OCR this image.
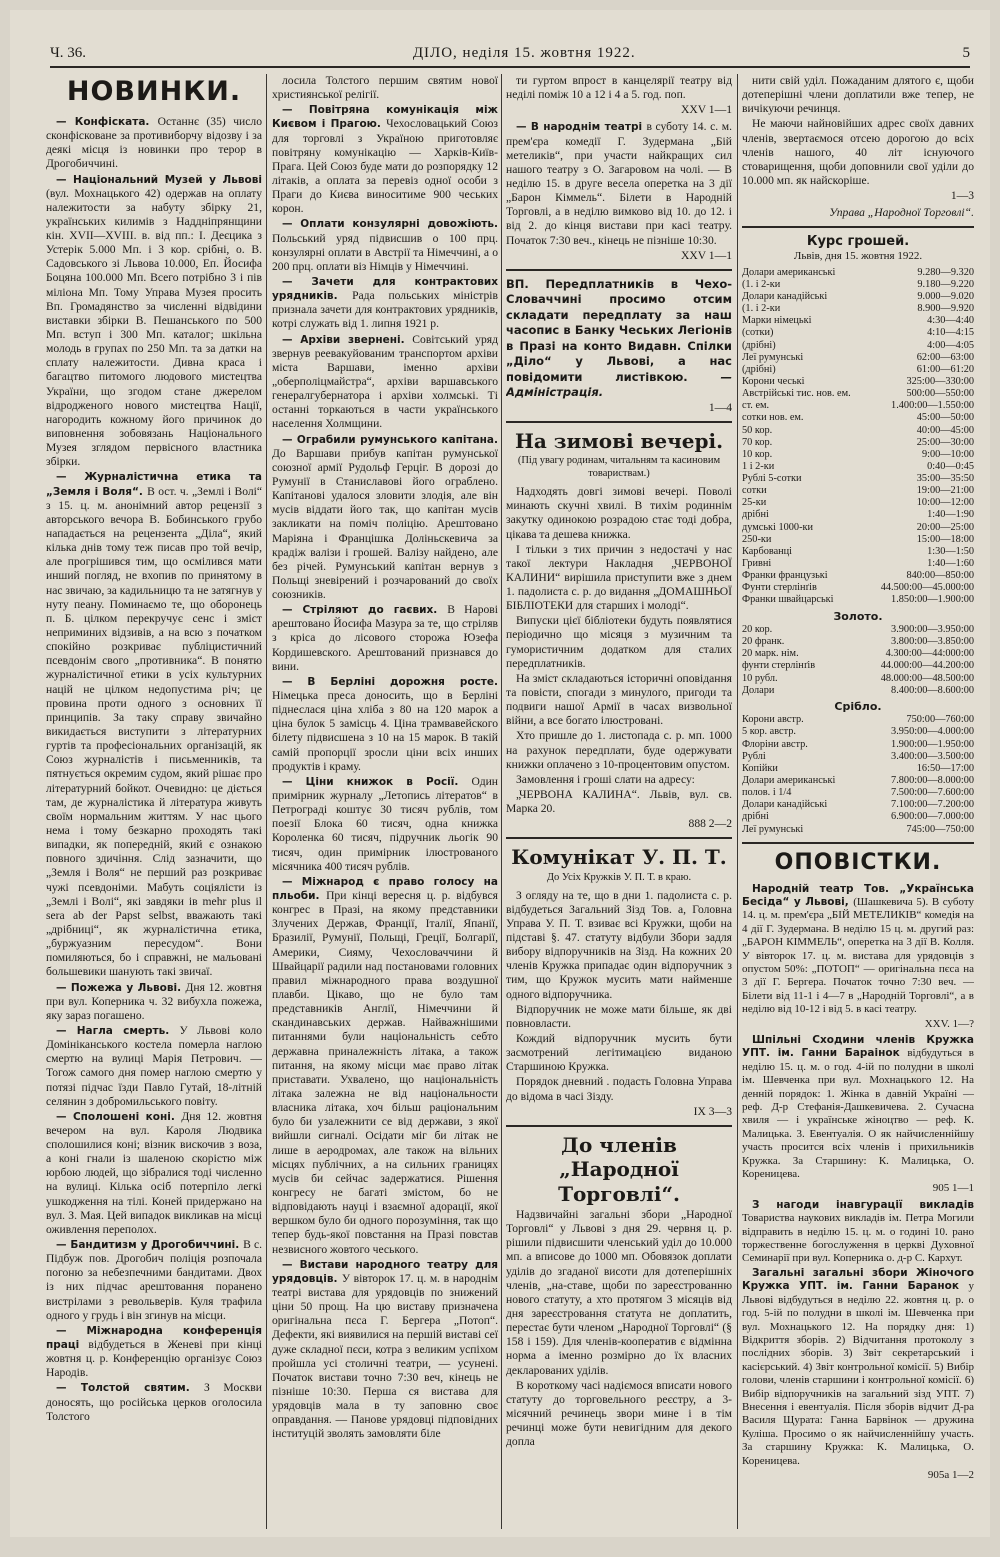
Ч. 36.	ДІЛО, неділя 15. жовтня 1922.	5
НОВИНКИ.

— Конфіската. Останнє (35) число сконфісковане за противиборчу відозву і за деякі місця із новинки про терор в Дрогобиччині.

— Національний Музей у Львові (вул. Мохнацького 42) одержав на оплату належитости за набуту збірку 21, українських килимів з Наддніпрянщини кін. XVII—XVIII. в. від пп.: І. Деєцика з Устерік 5.000 Мп. і 3 кор. срібні, о. В. Садовського зі Львова 10.000, Еп. Йосифа Боцяна 100.000 Мп. Всего потрібно 3 і пів міліона Мп. Тому Управа Музея просить Вп. Громадянство за численні відвідини виставки збірки В. Пешанського по 500 Мп. вступ і 300 Мп. каталог; шкільна молодь в групах по 250 Мп. та за датки на сплату належитости. Дивна краса і багацтво питомого людового мистецтва України, що згодом стане джерелом відродженого нового мистецтва Нації, нагородить кожному його причинок до виповнення зобовязань Національного Музея зглядом первісного властника збірки.

— Журналістична етика та „Земля і Воля“. В ост. ч. „Землі і Волі“ з 15. ц. м. анонімний автор рецензії з авторського вечора В. Бобинського грубо нападається на рецензента „Діла“, який кілька днів тому теж писав про той вечір, але прогрішився тим, що осмілився мати инший погляд, не вхопив по принятому в нас звичаю, за кадильницю та не затягнув у нуту пеану. Поминаємо те, що оборонець п. Б. цілком перекручує сенс і зміст неприминих відзивів, а на всю з початком спокійно розкриває публіцистичний псевдонім свого „противника“. В понятю журналістичної етики в усіх культурних націй не цілком недопустима річ; це провина проти одного з основних її принципів. За таку справу звичайно викидається виступити з літературних гуртів та професіональних організацій, як Союз журналістів і письменників, та пятнується окремим судом, який рішає про літературний бойкот. Очевидно: це діється там, де журналістика й література живуть своїм нормальним життям. У нас цього нема і тому безкарно проходять такі випадки, як попередній, який є ознакою повного здичіння. Слід зазначити, що „Земля і Воля“ не перший раз розкриває чужі псевдоніми. Мабуть соціялісти із „Землі і Волі“, які завдяки ів mehr plus il sera ab der Papst selbst, вважають такі „дрібниці“, як журналістична етика, „буржуазним пересудом“. Вони помиляються, бо і справжні, не мальовані большевики шанують такі звичаї.

— Пожежа у Львові. Дня 12. жовтня при вул. Коперника ч. 32 вибухла пожежа, яку зараз погашено.

— Нагла смерть. У Львові коло Домініканського костела померла наглою смертю на вулиці Марія Петрович. — Тогож самого дня помер наглою смертю у потязі підчас їзди Павло Гутай, 18-літній селянин з добромильського повіту.

— Сполошені коні. Дня 12. жовтня вечером на вул. Кароля Людвика сполошилися коні; візник вискочив з воза, а коні гнали із шаленою скорістю між юрбою людей, що зібралися тоді численно на вулиці. Кілька осіб потерпіло легкі ушкодження на тілі. Коней придержано на вул. З. Мая. Цей випадок викликав на місці оживлення переполох.

— Бандитизм у Дрогобиччині. В с. Підбуж пов. Дрогобич поліція розпочала погоню за небезпечними бандитами. Двох із них підчас арештовання поранено вистрілами з револьверів. Куля трафила одного у грудь і він згинув на місци.

— Міжнародна конференція праці відбудеться в Женеві при кінці жовтня ц. р. Конференцію організує Союз Народів.

— Толстой святим. З Москви доносять, що російська церков оголосила Толстого

лосила Толстого першим святим нової християнської релігії.

— Повітряна комунікація між Києвом і Прагою. Чехословацький Союз для торговлі з Україною приготовляє повітряну комунікацію — Харків-Київ-Прага. Цей Союз буде мати до розпорядку 12 літаків, а оплата за перевіз одної особи з Праги до Києва виноситиме 900 чеських корон.

— Оплати конзулярні довожіють. Польський уряд підвисшив о 100 прц. конзулярні оплати в Австрії та Німеччині, а о 200 прц. оплати віз Німців у Німеччині.

— Зачети для контрактових урядників. Рада польських міністрів признала зачети для контрактових урядників, котрі служать від 1. липня 1921 р.

— Архіви звернені. Совітський уряд звернув реевакуйованим транспортом архіви міста Варшави, іменно архіви „оберполіцмайстра“, архіви варшавського генералгубернатора і архіви холмські. Ті останні торкаються в части українського населення Холмщини.

— Ограбили румунського капітана. До Варшави прибув капітан румунської союзної армії Рудольф Герціг. В дорозі до Румунії в Станиславові його ограблено. Капітанові удалося зловити злодія, але він мусів віддати його так, що капітан мусів закликати на поміч поліцію. Арештовано Маріяна і Францішка Доліньскевича за крадіж валізи і грошей. Валізу найдено, але без річей. Румунський капітан вернув з Польщі зневірений і розчарований до своїх союзників.

— Стріляют до гаєвих. В Нарові арештовано Йосифа Мазура за те, що стріляв з кріса до лісового сторожа Юзефа Кордишевского. Арештований признався до вини.

— В Берліні дорожня росте. Німецька преса доносить, що в Берліні піднеслася ціна хліба з 80 на 120 марок а ціна булок 5 замісць 4. Ціна трамвавейского білету підвисшена з 10 на 15 марок. В такій самій пропорції зросли ціни всіх инших продуктів і краму.

— Ціни книжок в Росії. Один примірник журналу „Летопись літератов“ в Петрограді коштує 30 тисяч рублів, том поезії Блока 60 тисяч, одна книжка Короленка 60 тисяч, підручник льогік 90 тисяч, один примірник ілюстрованого місячника 400 тисяч рублів.

— Міжнарод є право голосу на пльоби. При кінці вересня ц. р. відбувся конгрес в Празі, на якому представники Злучених Держав, Франції, Італії, Япанії, Бразилії, Румунії, Польщі, Греції, Болгарії, Америки, Сияму, Чехословаччини й Швайцарії радили над постановами головних правил міжнародного права воздушної плавби. Цікаво, що не було там представників Англії, Німеччини й скандинавських держав. Найважнішими питаннями були національність себто державна приналежність літака, а також питання, на якому місци має право літак приставати. Ухвалено, що національність літака залежна не від національности власника літака, хоч більш раціональним було би узалежнити се від держави, з якої вийшли сигналі. Осідати міг би літак не лише в аеродромах, але також на вільних місцях публічних, а на сильних границях мусів би сейчас задержатися. Рішення конгресу не багаті змістом, бо не відповідають науці і взаємної адорації, якої вершком було би одного порозуміння, так що тепер будь-якої повстання на Празі повстав незвисного жовтого чеського.

— Вистави народного театру для урядовців. У вівторок 17. ц. м. в народнім театрі вистава для урядовців по знижений ціни 50 прощ. На цю виставу призначена оригінальна пєса Г. Бергера „Потоп“. Дефекти, які виявилися на першій виставі сеї дуже складної пєси, котра з великим успіхом пройшла усі столичні театри, — усунені. Початок вистави точно 7:30 веч, кінець не пізніше 10:30. Перша ся вистава для урядовців мала в ту заповню своє оправдання. — Панове урядовці підповідних інституцій зволять замовляти біле

ти гуртом впрост в канцелярії театру від неділі поміж 10 а 12 і 4 а 5. год. поп.

XXV 1—1

— В народнім театрі в суботу 14. с. м. прем'єра комедії Г. Зудермана „Бій метеликів“, при участи найкращих сил нашого театру з О. Загаровом на чолі. — В неділю 15. в друге весела оперетка на 3 дії „Барон Кіммель“. Білети в Народній Торговлі, а в неділю вимково від 10. до 12. і від 2. до кінця вистави при касі театру. Початок 7:30 веч., кінець не пізніше 10:30.

XXV 1—1
ВП. Передплатників в Чехо-Словаччині просимо отсим складати передплату за наш часопис в Банку Чеських Легіонів в Празі на конто Видавн. Спілки „Діло“ у Львові, а нас повідомити листівкою.	— Адміністрація.
1—4
На зимові вечері.
(Під увагу родинам, читальням та касиновим товариствам.)

Надходять довгі зимові вечері. Поволі минають скучні хвилі. В тихім родиннім закутку одинокою розрадою стає тоді добра, цікава та дешева книжка.

І тільки з тих причин з недостачі у нас такої лектури Накладня „ЧЕРВОНОЇ КАЛИНИ“ вирішила приступити вже з днем 1. падолиста с. р. до видання „ДОМАШНЬОЇ БІБЛІОТЕКИ для старших і молоді“.

Випуски цієї бібліотеки будуть появлятися періодично що місяця з музичним та гумористичним додатком для сталих передплатників.

На зміст складаються історичні оповідання та повісти, спогади з минулого, пригоди та подвиги нашої Армії в часах визвольної війни, а все богато ілюстровані.

Хто пришле до 1. листопада с. р. мп. 1000 на рахунок передплати, буде одержувати книжки оплачено з 10-процентовим опустом.

Замовлення і гроші слати на адресу:

„ЧЕРВОНА КАЛИНА“. Львів, вул. св. Марка 20.

888 2—2
Комунікат У. П. Т.
До Усіх Кружків У. П. Т. в краю.

З огляду на те, що в дни 1. падолиста с. р. відбудеться Загальний Зізд Тов. а, Головна Управа У. П. Т. взиває всі Кружки, щоби на підставі §. 47. статуту відбули Збори задля вибору відпоручників на Зізд. На кожних 20 членів Кружка припадає один відпоручник з тим, що Кружок мусить мати найменше одного відпоручника.

Відпоручник не може мати більше, як дві повновласти.

Кождий відпоручник мусить бути засмотрений легітимацією виданою Старшиною Кружка.

Порядок дневний . подасть Головна Управа до відома в часі Зізду.

IX 3—3
До членів „Народної Торговлі“.

Надзвичайні загальні збори „Народної Торговлі“ у Львові з дня 29. червня ц. р. рішили підвисшити членський уділ до 10.000 мп. а вписове до 1000 мп. Обовязок доплати уділів до згаданої висоти для дотеперішніх членів, „на-ставе, щоби по зареєстрованню нового статуту, а хто протягом 3 місяців від дня зареєстровання статута не доплатить, перестає бути членом „Народної Торговлі“ (§ 158 і 159). Для членів-кооператив є відмінна норма а іменно розмірно до їх власних декларованих уділів.

В короткому часі надіємося вписати нового статуту до торговельного реєстру, а 3-місячний речинець звори мине і в тім речинці може бути невигідним для декого допла

нити свій уділ. Пожаданим длятого є, щоби дотеперішні члени доплатили вже тепер, не вичікуючи речинця.

Не маючи найновійших адрес своїх давних членів, звертаємося отсею дорогою до всіх членів нашого, 40 літ існуючого стоварищення, щоби доповнили свої уділи до 10.000 мп. як найскоріше.

1—3
Управа „Народної Торговлі“.
Курс грошей.
Львів, дня 15. жовтня 1922.
Долари американські	9.280—9.320
(1. і 2-ки	9.180—9.220
Долари канадійські	9.000—9.020
(1. і 2-ки	8.900—9.920
Марки німецькі	4:30—4:40
(сотки)	4:10—4:15
(дрібні)	4:00—4:05
Леї румунські	62:00—63:00
(дрібні)	61:00—61:20
Корони чеські	325:00—330:00
Австрійські тис. нов. ем.	500:00—550:00
ст. ем.	1.400:00—1.550:00
сотки нов. ем.	45:00—50:00
50 кор.	40:00—45:00
70 кор.	25:00—30:00
10 кор.	9:00—10:00
1 і 2-ки	0:40—0:45
Рублі 5-сотки	35:00—35:50
сотки	19:00—21:00
25-ки	10:00—12:00
дрібні	1:40—1:90
думські 1000-ки	20:00—25:00
250-ки	15:00—18:00
Карбованці	1:30—1:50
Гривні	1:40—1:60
Франки французькі	840:00—850:00
Фунти стерлінґів	44.500:00—45.000:00
Франки швайцарські	1.850:00—1.900:00
Золото.
20 кор.	3.900:00—3.950:00
20 франк.	3.800:00—3.850:00
20 марк. нім.	4.300:00—44:000:00
фунти стерлінґів	44.000:00—44.200:00
10 рубл.	48.000:00—48.500:00
Долари	8.400:00—8.600:00
Срібло.
Корони австр.	750:00—760:00
5 кор. австр.	3.950:00—4.000:00
Флоріни австр.	1.900:00—1.950:00
Рублі	3.400:00—3.500:00
Копійки	16:50—17:00
Долари американські	7.800:00—8.000:00
полов. і 1/4	7.500:00—7.600:00
Долари канадійські	7.100:00—7.200:00
дрібні	6.900:00—7.000:00
Леї румунські	745:00—750:00
ОПОВІСТКИ.

Народній театр Тов. „Українська Бесіда“ у Львові, (Шашкевича 5). В суботу 14. ц. м. прем'єра „БІЙ МЕТЕЛИКІВ“ комедія на 4 дії Г. Зудермана. В неділю 15 ц. м. другий раз: „БАРОН КІММЕЛЬ“, оперетка на 3 дії В. Колля. У вівторок 17. ц. м. вистава для урядовців з опустом 50%: „ПОТОП“ — оригінальна пєса на 3 дії Г. Бергера. Початок точно 7:30 веч. — Білети від 11-1 і 4—7 в „Народній Торговлі“, а в неділю від 10-12 і від 5. в касі театру.

XXV. 1—?

Шпільні Сходини членів Кружка УПТ. ім. Ганни Бараінок відбудуться в неділю 15. ц. м. о год. 4-ій по полудни в школі ім. Шевченка при вул. Мохнацького 12. На денній порядок: 1. Жінка в давній Україні — реф. Д-р Стефанія-Дашкевичева. 2. Сучасна хвиля — і українське жіноцтво — реф. К. Малицька. 3. Евентуалія. О як найчисленнійшу участь просится всіх членів і прихильників Кружка. За Старшину: К. Малицька, О. Кореницева.

905 1—1

З нагоди інавгурації викладів Товариства наукових викладів ім. Петра Могили відправить в неділю 15. ц. м. о годині 10. рано торжественне богослуження в церкві Духовної Семинарії при вул. Коперника о. д-р С. Кархут.

Загальні загальні збори Жіночого Кружка УПТ. ім. Ганни Баранок у Львові відбудуться в неділю 22. жовтня ц. р. о год. 5-ій по полудни в школі ім. Шевченка при вул. Мохнацького 12. На порядку дня: 1) Відкриття зборів. 2) Відчитання протоколу з послідних зборів. 3) Звіт секретарський і касієрський. 4) Звіт контрольної комісії. 5) Вибір голови, членів старшини і контрольної комісії. 6) Вибір відпоручників на загальний зізд УПТ. 7) Внесення і евентуалія. Після зборів відчит Д-ра Василя Щурата: Ганна Барвінок — дружина Куліша. Просимо о як найчисленнійшу участь. За старшину Кружка: К. Малицька, О. Кореницева.

905а 1—2
